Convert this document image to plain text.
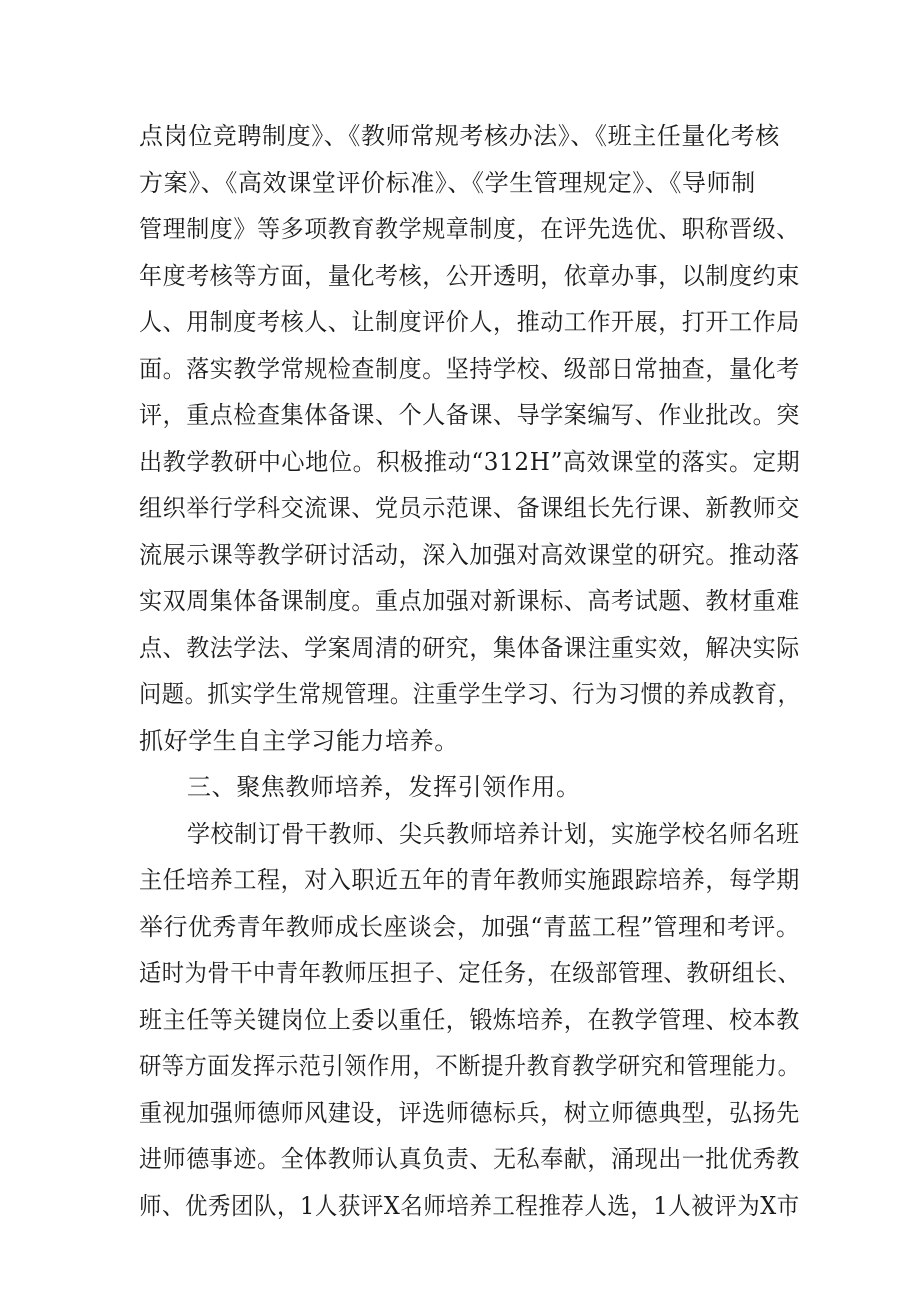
点岗位竞聘制度》、《教师常规考核办法》、《班主任量化考核
方案》、《高效课堂评价标准》、《学生管理规定》、《导师制
管理制度》等多项教育教学规章制度，在评先选优、职称晋级、
年度考核等方面，量化考核，公开透明，依章办事，以制度约束
人、用制度考核人、让制度评价人，推动工作开展，打开工作局
面。落实教学常规检查制度。坚持学校、级部日常抽查，量化考
评，重点检查集体备课、个人备课、导学案编写、作业批改。突
出教学教研中心地位。积极推动“312H”高效课堂的落实。定期
组织举行学科交流课、党员示范课、备课组长先行课、新教师交
流展示课等教学研讨活动，深入加强对高效课堂的研究。推动落
实双周集体备课制度。重点加强对新课标、高考试题、教材重难
点、教法学法、学案周清的研究，集体备课注重实效，解决实际
问题。抓实学生常规管理。注重学生学习、行为习惯的养成教育，
抓好学生自主学习能力培养。
三、聚焦教师培养，发挥引领作用。
学校制订骨干教师、尖兵教师培养计划，实施学校名师名班
主任培养工程，对入职近五年的青年教师实施跟踪培养，每学期
举行优秀青年教师成长座谈会，加强“青蓝工程”管理和考评。
适时为骨干中青年教师压担子、定任务，在级部管理、教研组长、
班主任等关键岗位上委以重任，锻炼培养，在教学管理、校本教
研等方面发挥示范引领作用，不断提升教育教学研究和管理能力。
重视加强师德师风建设，评选师德标兵，树立师德典型，弘扬先
进师德事迹。全体教师认真负责、无私奉献，涌现出一批优秀教
师、优秀团队，1人获评X名师培养工程推荐人选，1人被评为X市
